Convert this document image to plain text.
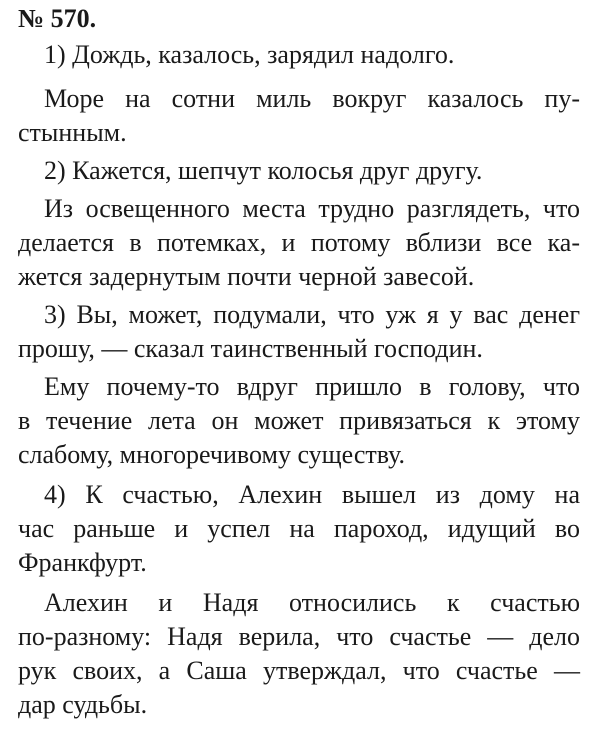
№ 570.
1) Дождь, казалось, зарядил надолго.
Море на сотни миль вокруг казалось пу-
стынным.
2) Кажется, шепчут колосья друг другу.
Из освещенного места трудно разглядеть, что
делается в потемках, и потому вблизи все ка-
жется задернутым почти черной завесой.
3) Вы, может, подумали, что уж я у вас денег
прошу, — сказал таинственный господин.
Ему почему-то вдруг пришло в голову, что
в течение лета он может привязаться к этому
слабому, многоречивому существу.
4) К счастью, Алехин вышел из дому на
час раньше и успел на пароход, идущий во
Франкфурт.
Алехин и Надя относились к счастью
по-разному: Надя верила, что счастье — дело
рук своих, а Саша утверждал, что счастье —
дар судьбы.
